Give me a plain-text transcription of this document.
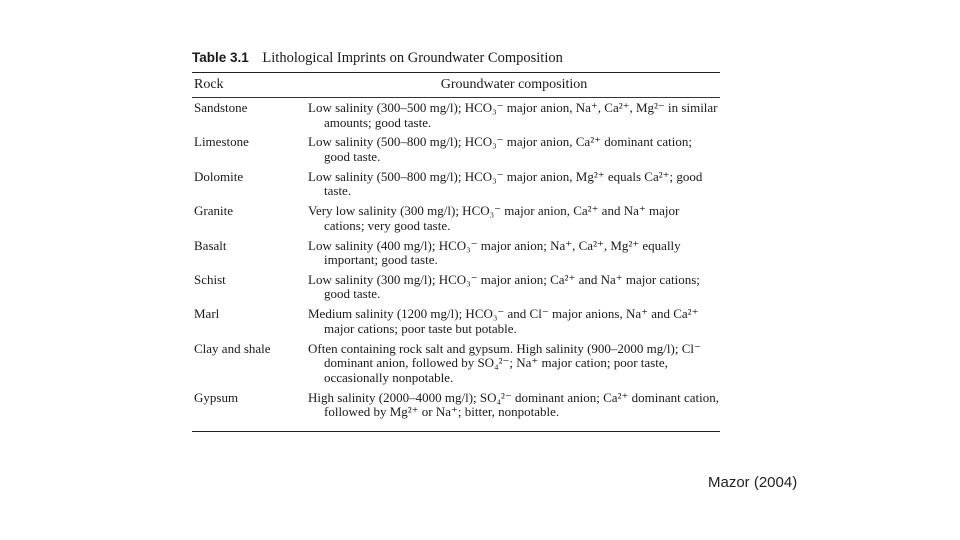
Table 3.1 Lithological Imprints on Groundwater Composition
Rock	Groundwater composition
Sandstone	Low salinity (300–500 mg/l); HCO₃⁻ major anion, Na⁺, Ca²⁺, Mg²⁻ in similar amounts; good taste.
Limestone	Low salinity (500–800 mg/l); HCO₃⁻ major anion, Ca²⁺ dominant cation; good taste.
Dolomite	Low salinity (500–800 mg/l); HCO₃⁻ major anion, Mg²⁺ equals Ca²⁺; good taste.
Granite	Very low salinity (300 mg/l); HCO₃⁻ major anion, Ca²⁺ and Na⁺ major cations; very good taste.
Basalt	Low salinity (400 mg/l); HCO₃⁻ major anion; Na⁺, Ca²⁺, Mg²⁺ equally important; good taste.
Schist	Low salinity (300 mg/l); HCO₃⁻ major anion; Ca²⁺ and Na⁺ major cations; good taste.
Marl	Medium salinity (1200 mg/l); HCO₃⁻ and Cl⁻ major anions, Na⁺ and Ca²⁺ major cations; poor taste but potable.
Clay and shale	Often containing rock salt and gypsum. High salinity (900–2000 mg/l); Cl⁻ dominant anion, followed by SO₄²⁻; Na⁺ major cation; poor taste, occasionally nonpotable.
Gypsum	High salinity (2000–4000 mg/l); SO₄²⁻ dominant anion; Ca²⁺ dominant cation, followed by Mg²⁺ or Na⁺; bitter, nonpotable.
Mazor (2004)
